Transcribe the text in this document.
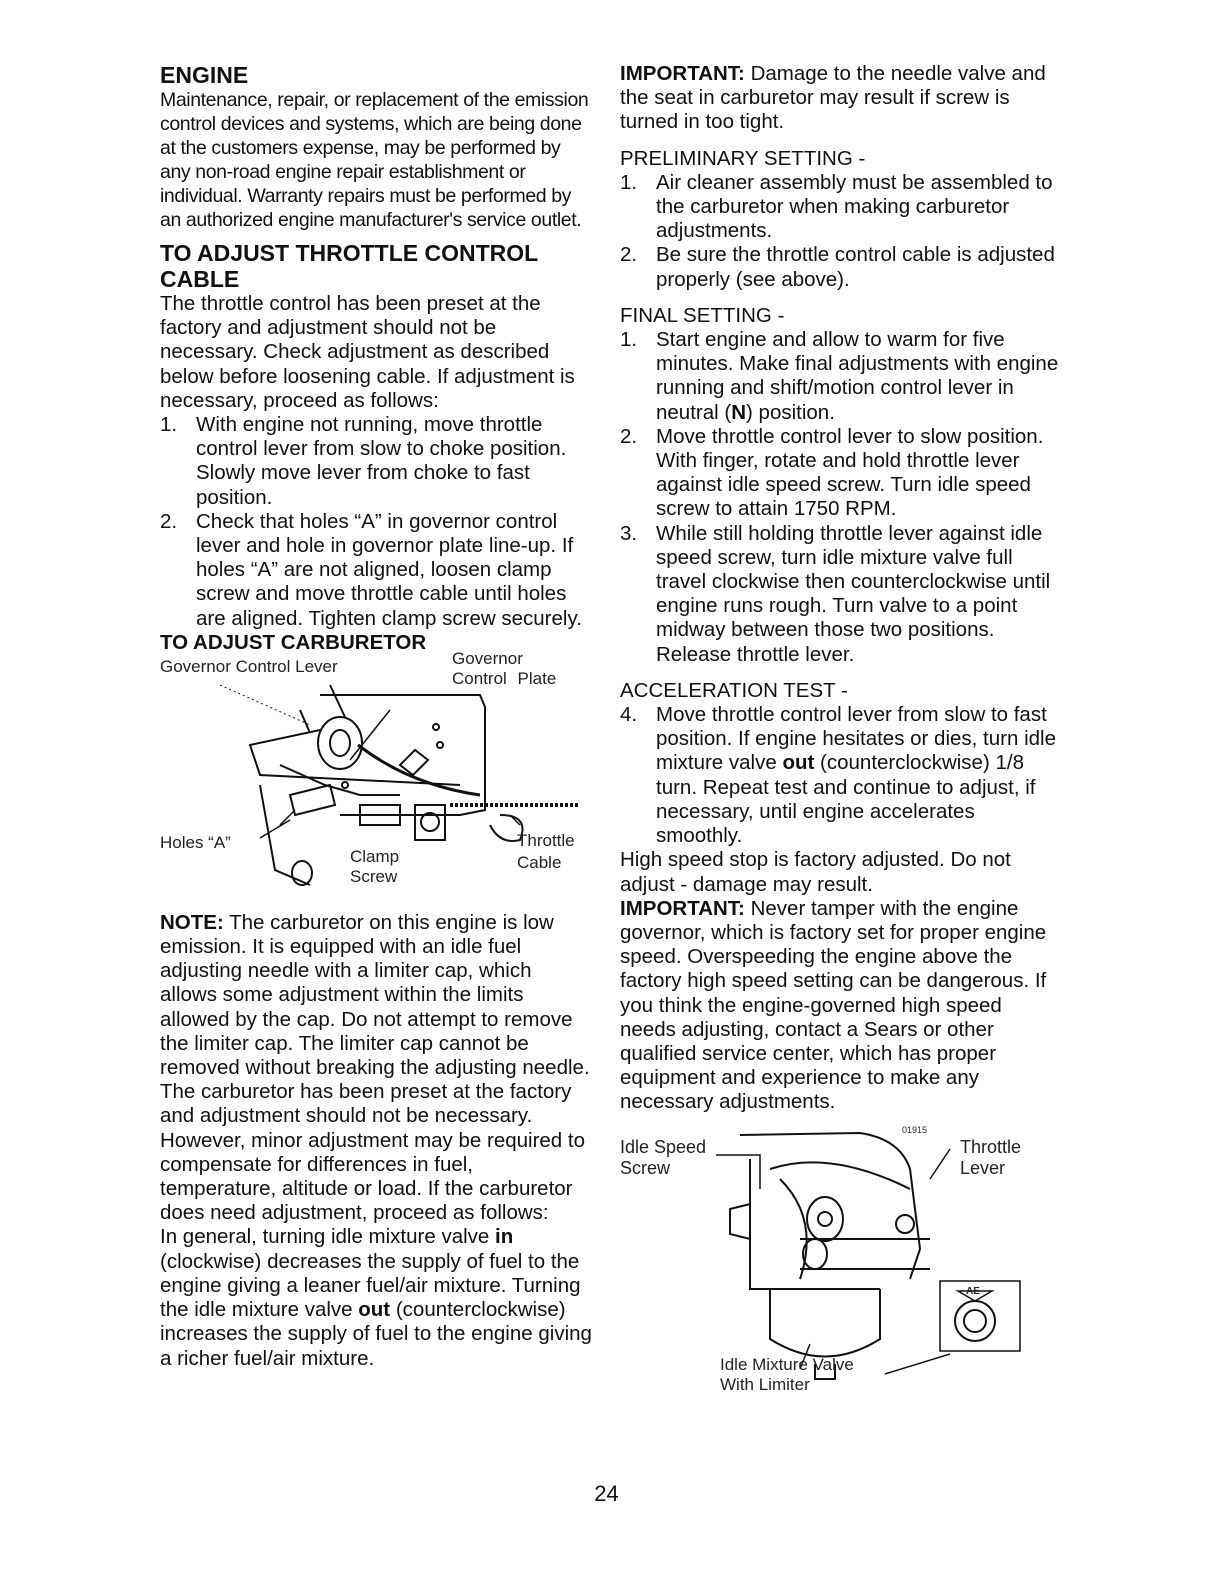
ENGINE

Maintenance, repair, or replacement of the emission control devices and systems, which are being done at the customers expense, may be performed by any non-road engine repair establishment or individual. Warranty repairs must be performed by an authorized engine manufacturer's service outlet.

TO ADJUST THROTTLE CONTROL CABLE

The throttle control has been preset at the factory and adjustment should not be necessary. Check adjustment as described below before loosening cable. If adjustment is necessary, proceed as follows:

1. With engine not running, move throttle control lever from slow to choke position. Slowly move lever from choke to fast position.
2. Check that holes “A” in governor control lever and hole in governor plate line-up. If holes “A” are not aligned, loosen clamp screw and move throttle cable until holes are aligned. Tighten clamp screw securely.
TO ADJUST CARBURETOR
Governor Control Lever	Governor
Control Plate
Holes “A”
Clamp
Screw
Throttle
Cable

NOTE: The carburetor on this engine is low emission. It is equipped with an idle fuel adjusting needle with a limiter cap, which allows some adjustment within the limits allowed by the cap. Do not attempt to remove the limiter cap. The limiter cap cannot be removed without breaking the adjusting needle.

The carburetor has been preset at the factory and adjustment should not be necessary. However, minor adjustment may be required to compensate for differences in fuel, temperature, altitude or load. If the carburetor does need adjustment, proceed as follows:

In general, turning idle mixture valve in (clockwise) decreases the supply of fuel to the engine giving a leaner fuel/air mixture. Turning the idle mixture valve out (counterclockwise) increases the supply of fuel to the engine giving a richer fuel/air mixture.

IMPORTANT: Damage to the needle valve and the seat in carburetor may result if screw is turned in too tight.

PRELIMINARY SETTING -

1. Air cleaner assembly must be assembled to the carburetor when making carburetor adjustments.
2. Be sure the throttle control cable is adjusted properly (see above).

FINAL SETTING -

1. Start engine and allow to warm for five minutes. Make final adjustments with engine running and shift/motion control lever in neutral (N) position.
2. Move throttle control lever to slow position. With finger, rotate and hold throttle lever against idle speed screw. Turn idle speed screw to attain 1750 RPM.
3. While still holding throttle lever against idle speed screw, turn idle mixture valve full travel clockwise then counterclockwise until engine runs rough. Turn valve to a point midway between those two positions. Release throttle lever.

ACCELERATION TEST -

4. Move throttle control lever from slow to fast position. If engine hesitates or dies, turn idle mixture valve out (counterclockwise) 1/8 turn. Repeat test and continue to adjust, if necessary, until engine accelerates smoothly.

High speed stop is factory adjusted. Do not adjust - damage may result.

IMPORTANT: Never tamper with the engine governor, which is factory set for proper engine speed. Overspeeding the engine above the factory high speed setting can be dangerous. If you think the engine-governed high speed needs adjusting, contact a Sears or other qualified service center, which has proper equipment and experience to make any necessary adjustments.

Idle Speed
Screw
01915
Throttle
Lever
AE
Idle Mixture Valve
With Limiter
24
